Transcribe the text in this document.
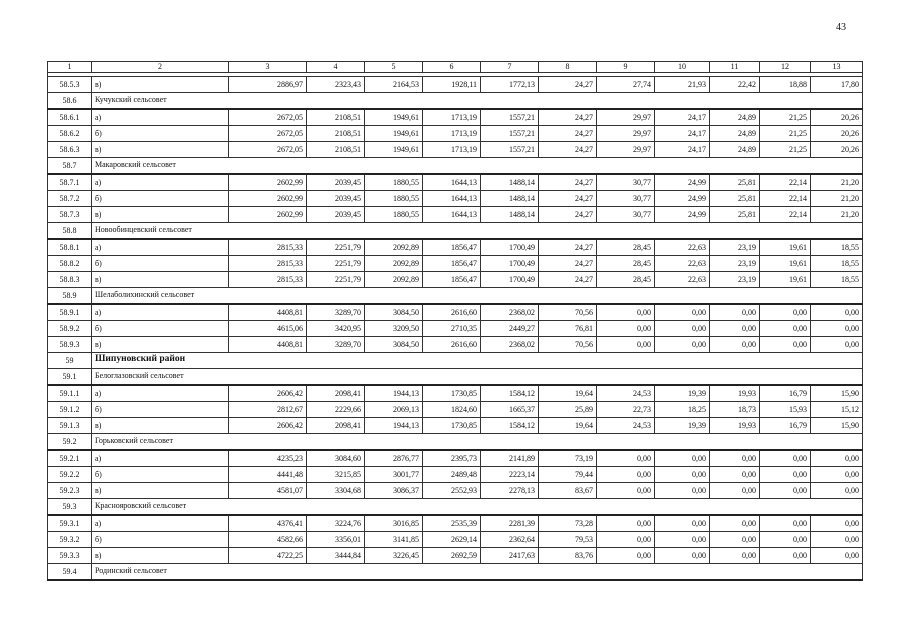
43
1	2	3	4	5	6	7	8	9	10	11	12	13

58.5.3	в)	2886,97	2323,43	2164,53	1928,11	1772,13	24,27	27,74	21,93	22,42	18,88	17,80
58.6	Кучукский сельсовет											
58.6.1	а)	2672,05	2108,51	1949,61	1713,19	1557,21	24,27	29,97	24,17	24,89	21,25	20,26
58.6.2	б)	2672,05	2108,51	1949,61	1713,19	1557,21	24,27	29,97	24,17	24,89	21,25	20,26
58.6.3	в)	2672,05	2108,51	1949,61	1713,19	1557,21	24,27	29,97	24,17	24,89	21,25	20,26
58.7	Макаровский сельсовет											
58.7.1	а)	2602,99	2039,45	1880,55	1644,13	1488,14	24,27	30,77	24,99	25,81	22,14	21,20
58.7.2	б)	2602,99	2039,45	1880,55	1644,13	1488,14	24,27	30,77	24,99	25,81	22,14	21,20
58.7.3	в)	2602,99	2039,45	1880,55	1644,13	1488,14	24,27	30,77	24,99	25,81	22,14	21,20
58.8	Новообинцевский сельсовет											
58.8.1	а)	2815,33	2251,79	2092,89	1856,47	1700,49	24,27	28,45	22,63	23,19	19,61	18,55
58.8.2	б)	2815,33	2251,79	2092,89	1856,47	1700,49	24,27	28,45	22,63	23,19	19,61	18,55
58.8.3	в)	2815,33	2251,79	2092,89	1856,47	1700,49	24,27	28,45	22,63	23,19	19,61	18,55
58.9	Шелаболихинский сельсовет											
58.9.1	а)	4408,81	3289,70	3084,50	2616,60	2368,02	70,56	0,00	0,00	0,00	0,00	0,00
58.9.2	б)	4615,06	3420,95	3209,50	2710,35	2449,27	76,81	0,00	0,00	0,00	0,00	0,00
58.9.3	в)	4408,81	3289,70	3084,50	2616,60	2368,02	70,56	0,00	0,00	0,00	0,00	0,00
59	Шипуновский район											
59.1	Белоглазовский сельсовет											
59.1.1	а)	2606,42	2098,41	1944,13	1730,85	1584,12	19,64	24,53	19,39	19,93	16,79	15,90
59.1.2	б)	2812,67	2229,66	2069,13	1824,60	1665,37	25,89	22,73	18,25	18,73	15,93	15,12
59.1.3	в)	2606,42	2098,41	1944,13	1730,85	1584,12	19,64	24,53	19,39	19,93	16,79	15,90
59.2	Горьковский сельсовет											
59.2.1	а)	4235,23	3084,60	2876,77	2395,73	2141,89	73,19	0,00	0,00	0,00	0,00	0,00
59.2.2	б)	4441,48	3215,85	3001,77	2489,48	2223,14	79,44	0,00	0,00	0,00	0,00	0,00
59.2.3	в)	4581,07	3304,68	3086,37	2552,93	2278,13	83,67	0,00	0,00	0,00	0,00	0,00
59.3	Краснояровский сельсовет											
59.3.1	а)	4376,41	3224,76	3016,85	2535,39	2281,39	73,28	0,00	0,00	0,00	0,00	0,00
59.3.2	б)	4582,66	3356,01	3141,85	2629,14	2362,64	79,53	0,00	0,00	0,00	0,00	0,00
59.3.3	в)	4722,25	3444,84	3226,45	2692,59	2417,63	83,76	0,00	0,00	0,00	0,00	0,00
59.4	Родинский сельсовет											
